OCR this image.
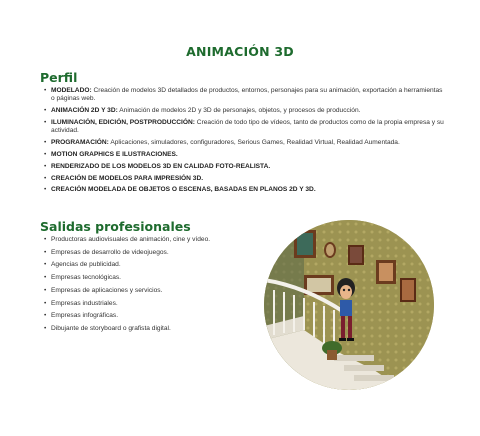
ANIMACIÓN 3D
Perfil
• MODELADO: Creación de modelos 3D detallados de productos, entornos, personajes para su animación, exportación a herramientas o páginas web.
• ANIMACIÓN 2D Y 3D: Animación de modelos 2D y 3D de personajes, objetos, y procesos de producción.
• ILUMINACIÓN, EDICIÓN, POSTPRODUCCIÓN: Creación de todo tipo de vídeos, tanto de productos como de la propia empresa y su actividad.
• PROGRAMACIÓN: Aplicaciones, simuladores, configuradores, Serious Games, Realidad Virtual, Realidad Aumentada.
• MOTION GRAPHICS E ILUSTRACIONES.
• RENDERIZADO DE LOS MODELOS 3D EN CALIDAD FOTO-REALISTA.
• CREACIÓN DE MODELOS PARA IMPRESIÓN 3D.
• CREACIÓN MODELADA DE OBJETOS O ESCENAS, BASADAS EN PLANOS 2D Y 3D.
Salidas profesionales
• Productoras audiovisuales de animación, cine y vídeo.
• Empresas de desarrollo de videojuegos.
• Agencias de publicidad.
• Empresas tecnológicas.
• Empresas de aplicaciones y servicios.
• Empresas industriales.
• Empresas infográficas.
• Dibujante de storyboard o grafista digital.
